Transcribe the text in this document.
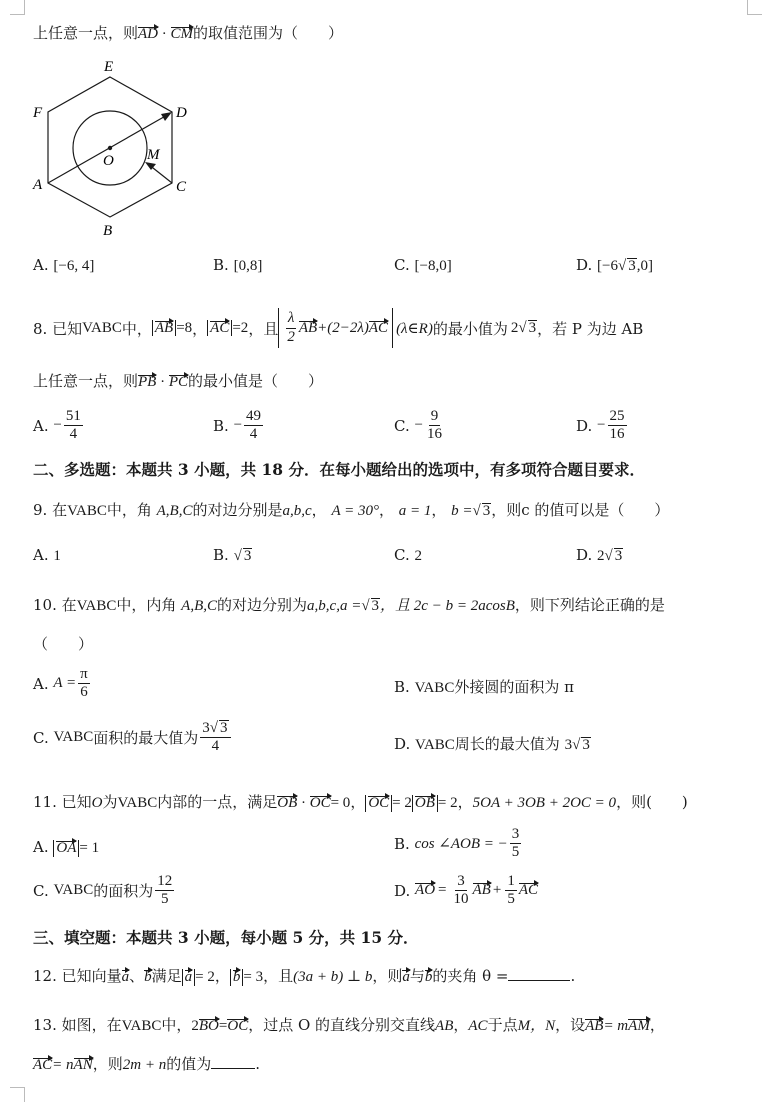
上任意一点，则AD · CM的取值范围为（　　）
E
D
F
O M
A	C
B
A. [−6, 4]	B. [0,8]	C. [−8,0]	D. [−6√ 3,0]
8. 已知 VABC 中， AB =8 ， AC =2 ，且 $\frac{\lambda}{2}$ AB +(2−2λ) AC (λ∈R) 的最小值为 2 √ 3 ，若 P 为边 AB
上任意一点，则PB · PC的最小值是（　　）
A.
− $\frac{51}{4}$	B.
− $\frac{49}{4}$	C.
− $\frac{9}{16}$	D.
− $\frac{25}{16}$
二、多选题：本题共 3 小题，共 18 分．在每小题给出的选项中，有多项符合题目要求．
9. 在VABC中，角 A,B,C的对边分别是a,b,c， A = 30°， a = 1， b =√ 3，则c 的值可以是（　　）
A. 1	B. √ 3	C. 2	D. 2√ 3
10. 在VABC中，内角 A,B,C的对边分别为a,b,c,a =√ 3，且 2c − b = 2acosB，则下列结论正确的是
（　　）
A.
$A = \frac{\pi}{6}$	B. VABC外接圆的面积为 π
C.
VABC 面积的最大值为 $\frac{3√ 3}{4}$	D. VABC周长的最大值为 3√ 3
11. 已知O为VABC内部的一点，满足OB · OC= 0， OC = 2 OB = 2，5OA + 3OB + 2OC = 0，则(　　)
A. OA = 1	B.
cos ∠AOB = − $\frac{3}{5}$
C.
VABC 的面积为 $\frac{12}{5}$	D.
AO = $\frac{3}{10}$ AB + $\frac{1}{5}$ AC
三、填空题：本题共 3 小题，每小题 5 分，共 15 分．
12. 已知向量a、b满足 a = 2， b = 3，且(3a + b) ⊥ b，则a与b的夹角 θ =	.
13. 如图，在VABC中，2BO=OC，过点 O 的直线分别交直线AB，AC于点M，N，设AB= mAM，
AC= nAN，则2m + n的值为	.
